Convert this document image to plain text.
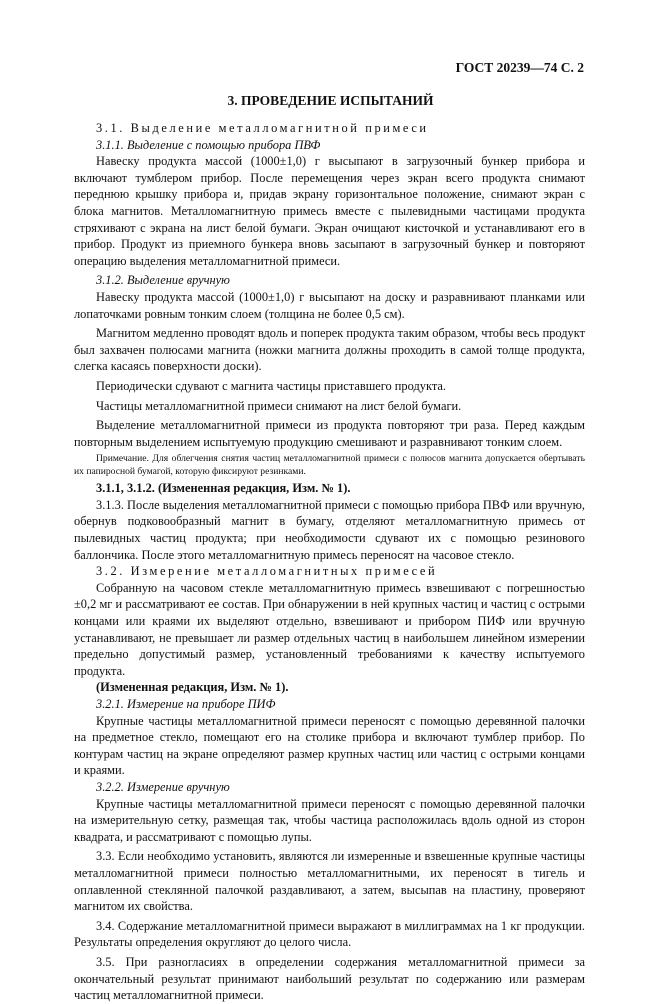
ГОСТ 20239—74 С. 2
3. ПРОВЕДЕНИЕ ИСПЫТАНИЙ

3.1. Выделение металломагнитной примеси

3.1.1. Выделение с помощью прибора ПВФ

Навеску продукта массой (1000±1,0) г высыпают в загрузочный бункер прибора и включают тумблером прибор. После перемещения через экран всего продукта снимают переднюю крышку прибора и, придав экрану горизонтальное положение, снимают экран с блока магнитов. Металломагнитную примесь вместе с пылевидными частицами продукта стряхивают с экрана на лист белой бумаги. Экран очищают кисточкой и устанавливают его в прибор. Продукт из приемного бункера вновь засыпают в загрузочный бункер и повторяют операцию выделения металломагнитной примеси.

3.1.2. Выделение вручную

Навеску продукта массой (1000±1,0) г высыпают на доску и разравнивают планками или лопаточками ровным тонким слоем (толщина не более 0,5 см).

Магнитом медленно проводят вдоль и поперек продукта таким образом, чтобы весь продукт был захвачен полюсами магнита (ножки магнита должны проходить в самой толще продукта, слегка касаясь поверхности доски).

Периодически сдувают с магнита частицы приставшего продукта.

Частицы металломагнитной примеси снимают на лист белой бумаги.

Выделение металломагнитной примеси из продукта повторяют три раза. Перед каждым повторным выделением испытуемую продукцию смешивают и разравнивают тонким слоем.

Примечание. Для облегчения снятия частиц металломагнитной примеси с полюсов магнита допускается обертывать их папиросной бумагой, которую фиксируют резинками.

3.1.1, 3.1.2. (Измененная редакция, Изм. № 1).

3.1.3. После выделения металломагнитной примеси с помощью прибора ПВФ или вручную, обернув подковообразный магнит в бумагу, отделяют металломагнитную примесь от пылевидных частиц продукта; при необходимости сдувают их с помощью резинового баллончика. После этого металломагнитную примесь переносят на часовое стекло.

3.2. Измерение металломагнитных примесей

Собранную на часовом стекле металломагнитную примесь взвешивают с погрешностью ±0,2 мг и рассматривают ее состав. При обнаружении в ней крупных частиц и частиц с острыми концами или краями их выделяют отдельно, взвешивают и прибором ПИФ или вручную устанавливают, не превышает ли размер отдельных частиц в наибольшем линейном измерении предельно допустимый размер, установленный требованиями к качеству испытуемого продукта.

(Измененная редакция, Изм. № 1).

3.2.1. Измерение на приборе ПИФ

Крупные частицы металломагнитной примеси переносят с помощью деревянной палочки на предметное стекло, помещают его на столике прибора и включают тумблер прибор. По контурам частиц на экране определяют размер крупных частиц или частиц с острыми концами и краями.

3.2.2. Измерение вручную

Крупные частицы металломагнитной примеси переносят с помощью деревянной палочки на измерительную сетку, размещая так, чтобы частица расположилась вдоль одной из сторон квадрата, и рассматривают с помощью лупы.

3.3. Если необходимо установить, являются ли измеренные и взвешенные крупные частицы металломагнитной примеси полностью металломагнитными, их переносят в тигель и оплавленной стеклянной палочкой раздавливают, а затем, высыпав на пластину, проверяют магнитом их свойства.

3.4. Содержание металломагнитной примеси выражают в миллиграммах на 1 кг продукции. Результаты определения округляют до целого числа.

3.5. При разногласиях в определении содержания металломагнитной примеси за окончательный результат принимают наибольший результат по содержанию или размерам частиц металломагнитной примеси.
